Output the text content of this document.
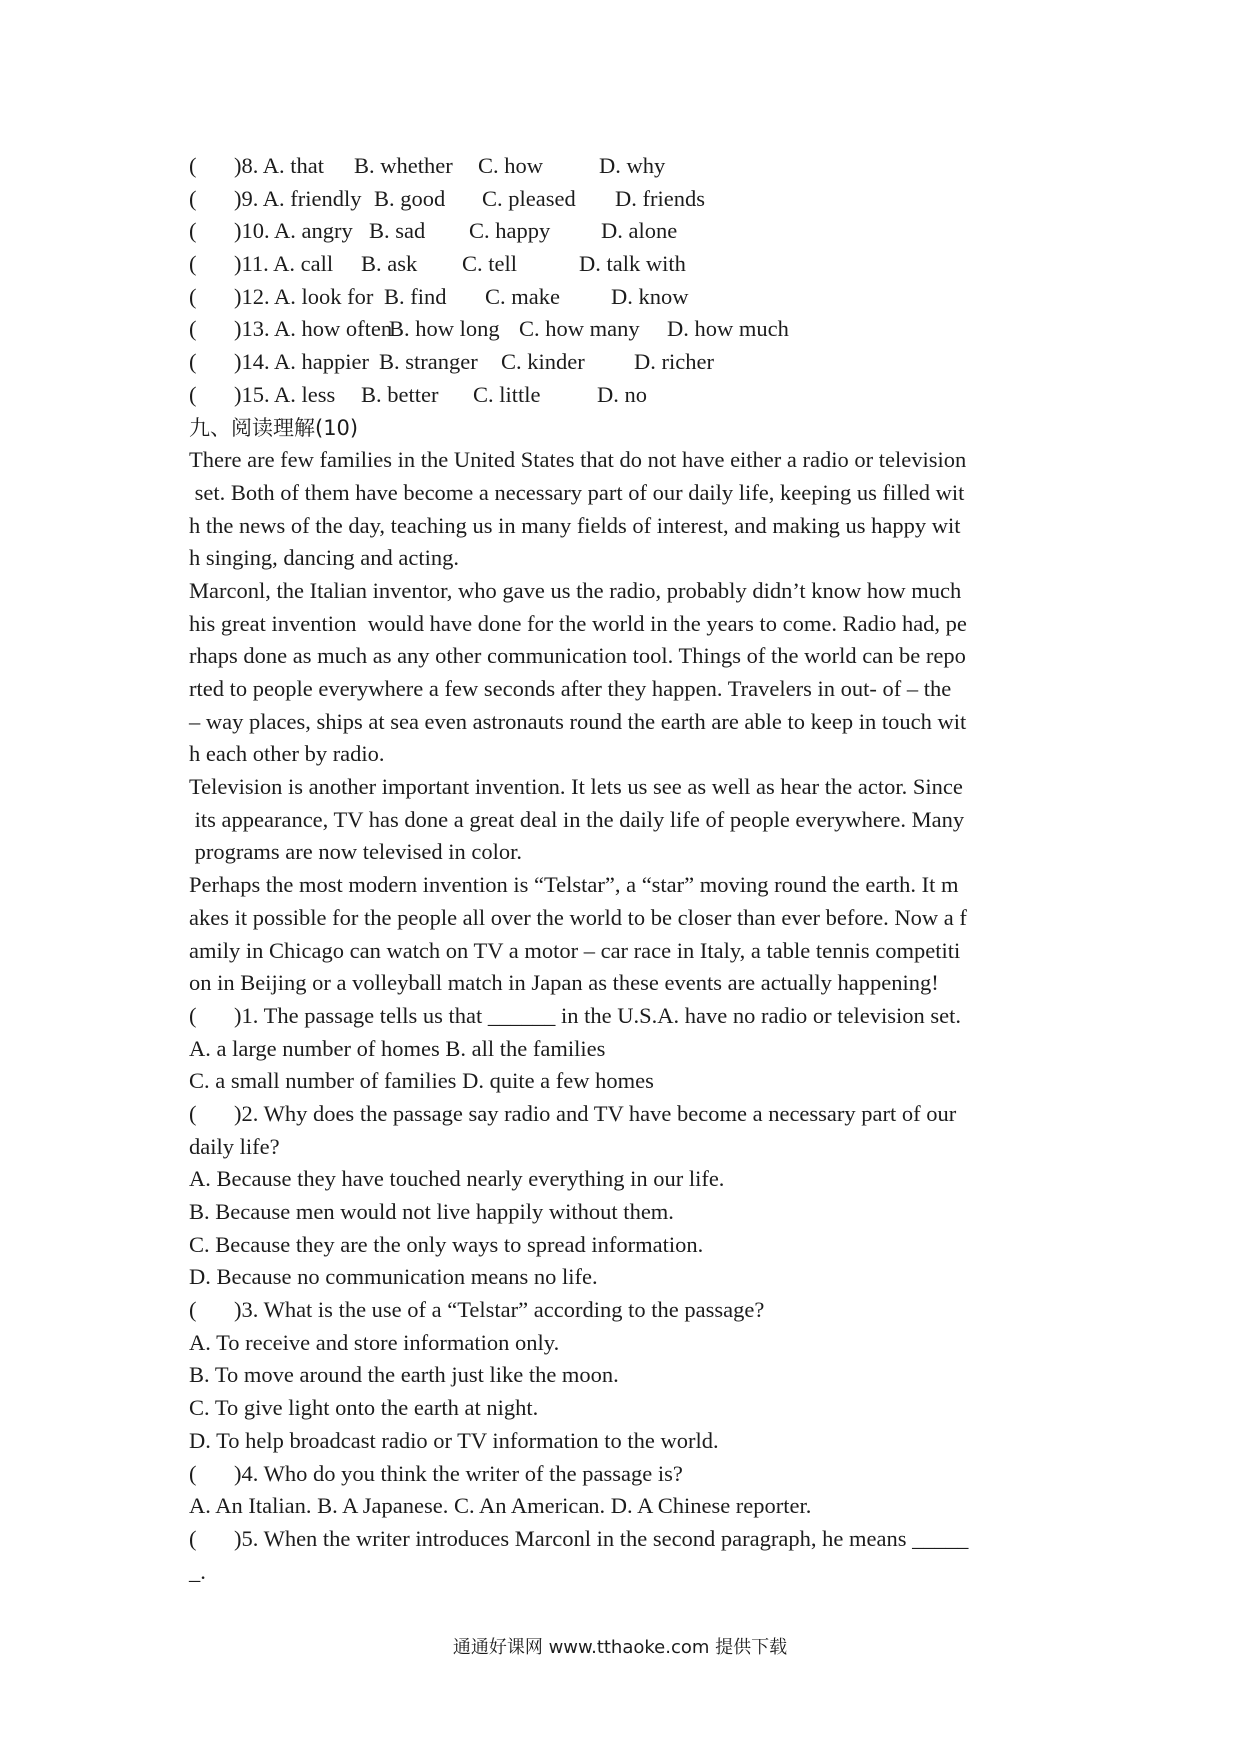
( )8. A. that B. whether C. how D. why
( )9. A. friendly B. good C. pleased D. friends
( )10. A. angry B. sad C. happy D. alone
( )11. A. call B. ask C. tell	D. talk with
( )12. A. look for B. find C. make D. know
( )13. A. how often
B. how long C. how many D. how much
( )14. A. happier B. stranger C. kinder D. richer
( )15. A. less B. better C. little	D. no
九、阅读理解(10)
There are few families in the United States that do not have either a radio or television
set. Both of them have become a necessary part of our daily life, keeping us filled wit
h the news of the day, teaching us in many fields of interest, and making us happy wit
h singing, dancing and acting.
Marconl, the Italian inventor, who gave us the radio, probably didn’t know how much
his great invention  would have done for the world in the years to come. Radio had, pe
rhaps done as much as any other communication tool. Things of the world can be repo
rted to people everywhere a few seconds after they happen. Travelers in out- of – the
– way places, ships at sea even astronauts round the earth are able to keep in touch wit
h each other by radio.
Television is another important invention. It lets us see as well as hear the actor. Since
its appearance, TV has done a great deal in the daily life of people everywhere. Many
programs are now televised in color.
Perhaps the most modern invention is “Telstar”, a “star” moving round the earth. It m
akes it possible for the people all over the world to be closer than ever before. Now a f
amily in Chicago can watch on TV a motor – car race in Italy, a table tennis competiti
on in Beijing or a volleyball match in Japan as these events are actually happening!
( )1. The passage tells us that ______ in the U.S.A. have no radio or television set.
A. a large number of homes B. all the families
C. a small number of families D. quite a few homes
( )2. Why does the passage say radio and TV have become a necessary part of our
daily life?
A. Because they have touched nearly everything in our life.
B. Because men would not live happily without them.
C. Because they are the only ways to spread information.
D. Because no communication means no life.
( )3. What is the use of a “Telstar” according to the passage?
A. To receive and store information only.
B. To move around the earth just like the moon.
C. To give light onto the earth at night.
D. To help broadcast radio or TV information to the world.
( )4. Who do you think the writer of the passage is?
A. An Italian. B. A Japanese. C. An American. D. A Chinese reporter.
( )5. When the writer introduces Marconl in the second paragraph, he means _____
_.
通通好课网 www.tthaoke.com 提供下载
